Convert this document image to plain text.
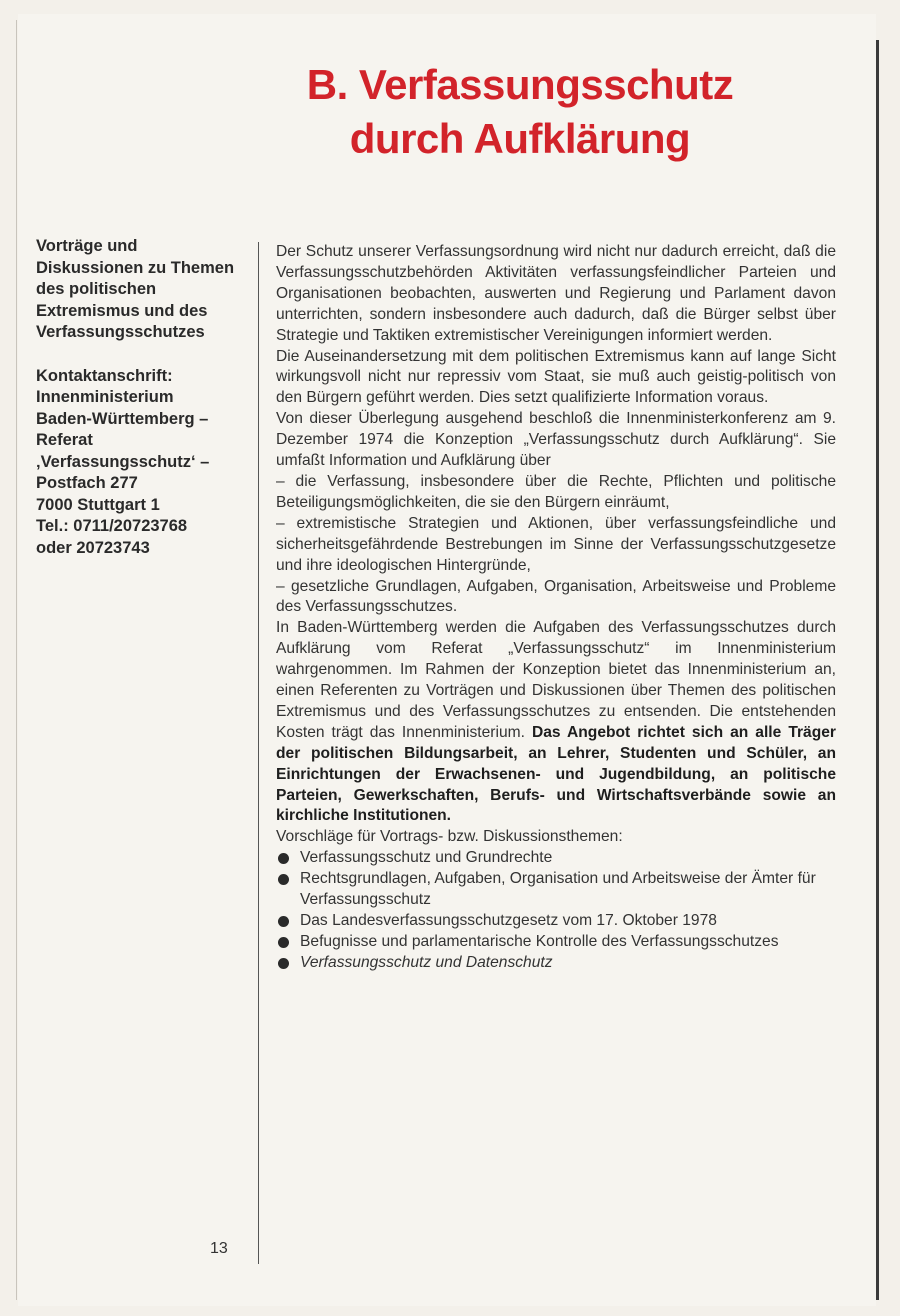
B. Verfassungsschutz
durch Aufklärung

Vorträge und Diskussionen zu Themen des politischen Extremismus und des Verfassungsschutzes

Kontaktanschrift:

Innenministerium

Baden-Württemberg –

Referat ‚Verfassungsschutz‘ – Postfach 277

7000 Stuttgart 1

Tel.: 0711/20723768

oder 20723743

Der Schutz unserer Verfassungsordnung wird nicht nur dadurch erreicht, daß die Verfassungsschutzbehörden Aktivitäten verfassungsfeindlicher Parteien und Organisationen beobachten, auswerten und Regierung und Parlament davon unterrichten, sondern insbesondere auch dadurch, daß die Bürger selbst über Strategie und Taktiken extremistischer Vereinigungen informiert werden.

Die Auseinandersetzung mit dem politischen Extremismus kann auf lange Sicht wirkungsvoll nicht nur repressiv vom Staat, sie muß auch geistig-politisch von den Bürgern geführt werden. Dies setzt qualifizierte Information voraus.

Von dieser Überlegung ausgehend beschloß die Innenministerkonferenz am 9. Dezember 1974 die Konzeption „Verfassungsschutz durch Aufklärung“. Sie umfaßt Information und Aufklärung über

– die Verfassung, insbesondere über die Rechte, Pflichten und politische Beteiligungsmöglichkeiten, die sie den Bürgern einräumt,

– extremistische Strategien und Aktionen, über verfassungsfeindliche und sicherheitsgefährdende Bestrebungen im Sinne der Verfassungsschutzgesetze und ihre ideologischen Hintergründe,

– gesetzliche Grundlagen, Aufgaben, Organisation, Arbeitsweise und Probleme des Verfassungsschutzes.

In Baden-Württemberg werden die Aufgaben des Verfassungsschutzes durch Aufklärung vom Referat „Verfassungsschutz“ im Innenministerium wahrgenommen. Im Rahmen der Konzeption bietet das Innenministerium an, einen Referenten zu Vorträgen und Diskussionen über Themen des politischen Extremismus und des Verfassungsschutzes zu entsenden. Die entstehenden Kosten trägt das Innenministerium. Das Angebot richtet sich an alle Träger der politischen Bildungsarbeit, an Lehrer, Studenten und Schüler, an Einrichtungen der Erwachsenen- und Jugendbildung, an politische Parteien, Gewerkschaften, Berufs- und Wirtschaftsverbände sowie an kirchliche Institutionen.

Vorschläge für Vortrags- bzw. Diskussionsthemen:

Verfassungsschutz und Grundrechte
Rechtsgrundlagen, Aufgaben, Organisation und Arbeitsweise der Ämter für Verfassungsschutz
Das Landesverfassungsschutzgesetz vom 17. Oktober 1978
Befugnisse und parlamentarische Kontrolle des Verfassungsschutzes
Verfassungsschutz und Datenschutz
13
